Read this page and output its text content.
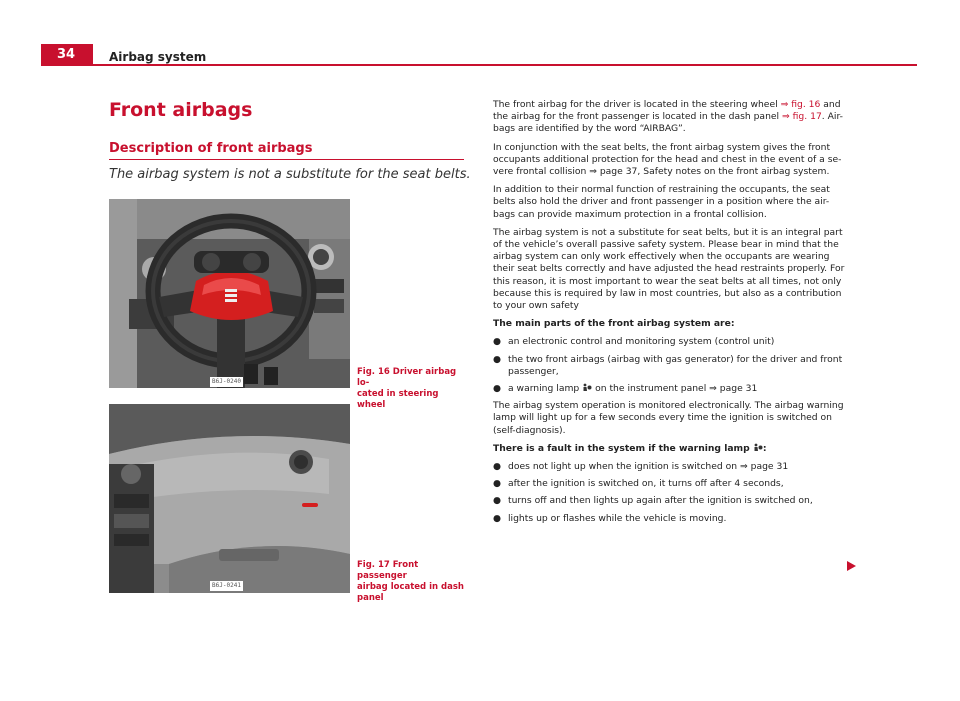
34	Airbag system
Front airbags
Description of front airbags
The airbag system is not a substitute for the seat belts.
B6J-0240
Fig. 16 Driver airbag lo-
cated in steering wheel
B6J-0241
Fig. 17 Front passenger
airbag located in dash
panel

The front airbag for the driver is located in the steering wheel ⇒ fig. 16 and the airbag for the front passenger is located in the dash panel ⇒ fig. 17. Air-bags are identified by the word “AIRBAG”.

In conjunction with the seat belts, the front airbag system gives the front occupants additional protection for the head and chest in the event of a se-vere frontal collision ⇒ page 37, Safety notes on the front airbag system.

In addition to their normal function of restraining the occupants, the seat belts also hold the driver and front passenger in a position where the air-bags can provide maximum protection in a frontal collision.

The airbag system is not a substitute for seat belts, but it is an integral part of the vehicle’s overall passive safety system. Please bear in mind that the airbag system can only work effectively when the occupants are wearing their seat belts correctly and have adjusted the head restraints properly. For this reason, it is most important to wear the seat belts at all times, not only because this is required by law in most countries, but also as a contribution to your own safety

The main parts of the front airbag system are:

● an electronic control and monitoring system (control unit)
● the two front airbags (airbag with gas generator) for the driver and front passenger,
● a warning lamp  on the instrument panel ⇒ page 31

The airbag system operation is monitored electronically. The airbag warning lamp will light up for a few seconds every time the ignition is switched on (self-diagnosis).

There is a fault in the system if the warning lamp :

● does not light up when the ignition is switched on ⇒ page 31
● after the ignition is switched on, it turns off after 4 seconds,
● turns off and then lights up again after the ignition is switched on,
● lights up or flashes while the vehicle is moving.
